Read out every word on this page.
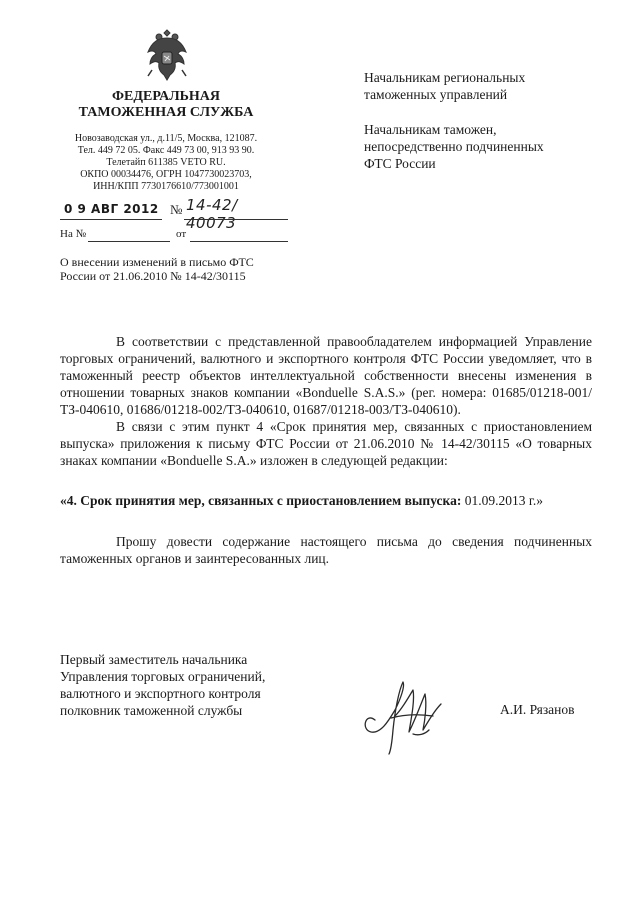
ФЕДЕРАЛЬНАЯ
ТАМОЖЕННАЯ СЛУЖБА
Новозаводская ул., д.11/5, Москва, 121087.
Тел. 449 72 05. Факс 449 73 00, 913 93 90.
Телетайп 611385 VETO RU.
ОКПО 00034476, ОГРН 1047730023703,
ИНН/КПП 7730176610/773001001
0 9 АВГ 2012 № 14-42/ 40073
На №	от
О внесении изменений в письмо ФТС
России от 21.06.2010 № 14-42/30115
Начальникам региональных
таможенных управлений
Начальникам таможен,
непосредственно подчиненных
ФТС России

В соответствии с представленной правообладателем информацией Управление торговых ограничений, валютного и экспортного контроля ФТС России уведомляет, что в таможенный реестр объектов интеллектуальной собственности внесены изменения в отношении товарных знаков компании «Bonduelle S.A.S.» (рег. номера: 01685/01218-001/ТЗ-040610, 01686/01218-002/ТЗ-040610, 01687/01218-003/ТЗ-040610).

В связи с этим пункт 4 «Срок принятия мер, связанных с приостановлением выпуска» приложения к письму ФТС России от 21.06.2010 № 14-42/30115 «О товарных знаках компании «Bonduelle S.A.» изложен в следующей редакции:

«4. Срок принятия мер, связанных с приостановлением выпуска: 01.09.2013 г.»

Прошу довести содержание настоящего письма до сведения подчиненных таможенных органов и заинтересованных лиц.

Первый заместитель начальника
Управления торговых ограничений,
валютного и экспортного контроля
полковник таможенной службы	А.И. Рязанов
